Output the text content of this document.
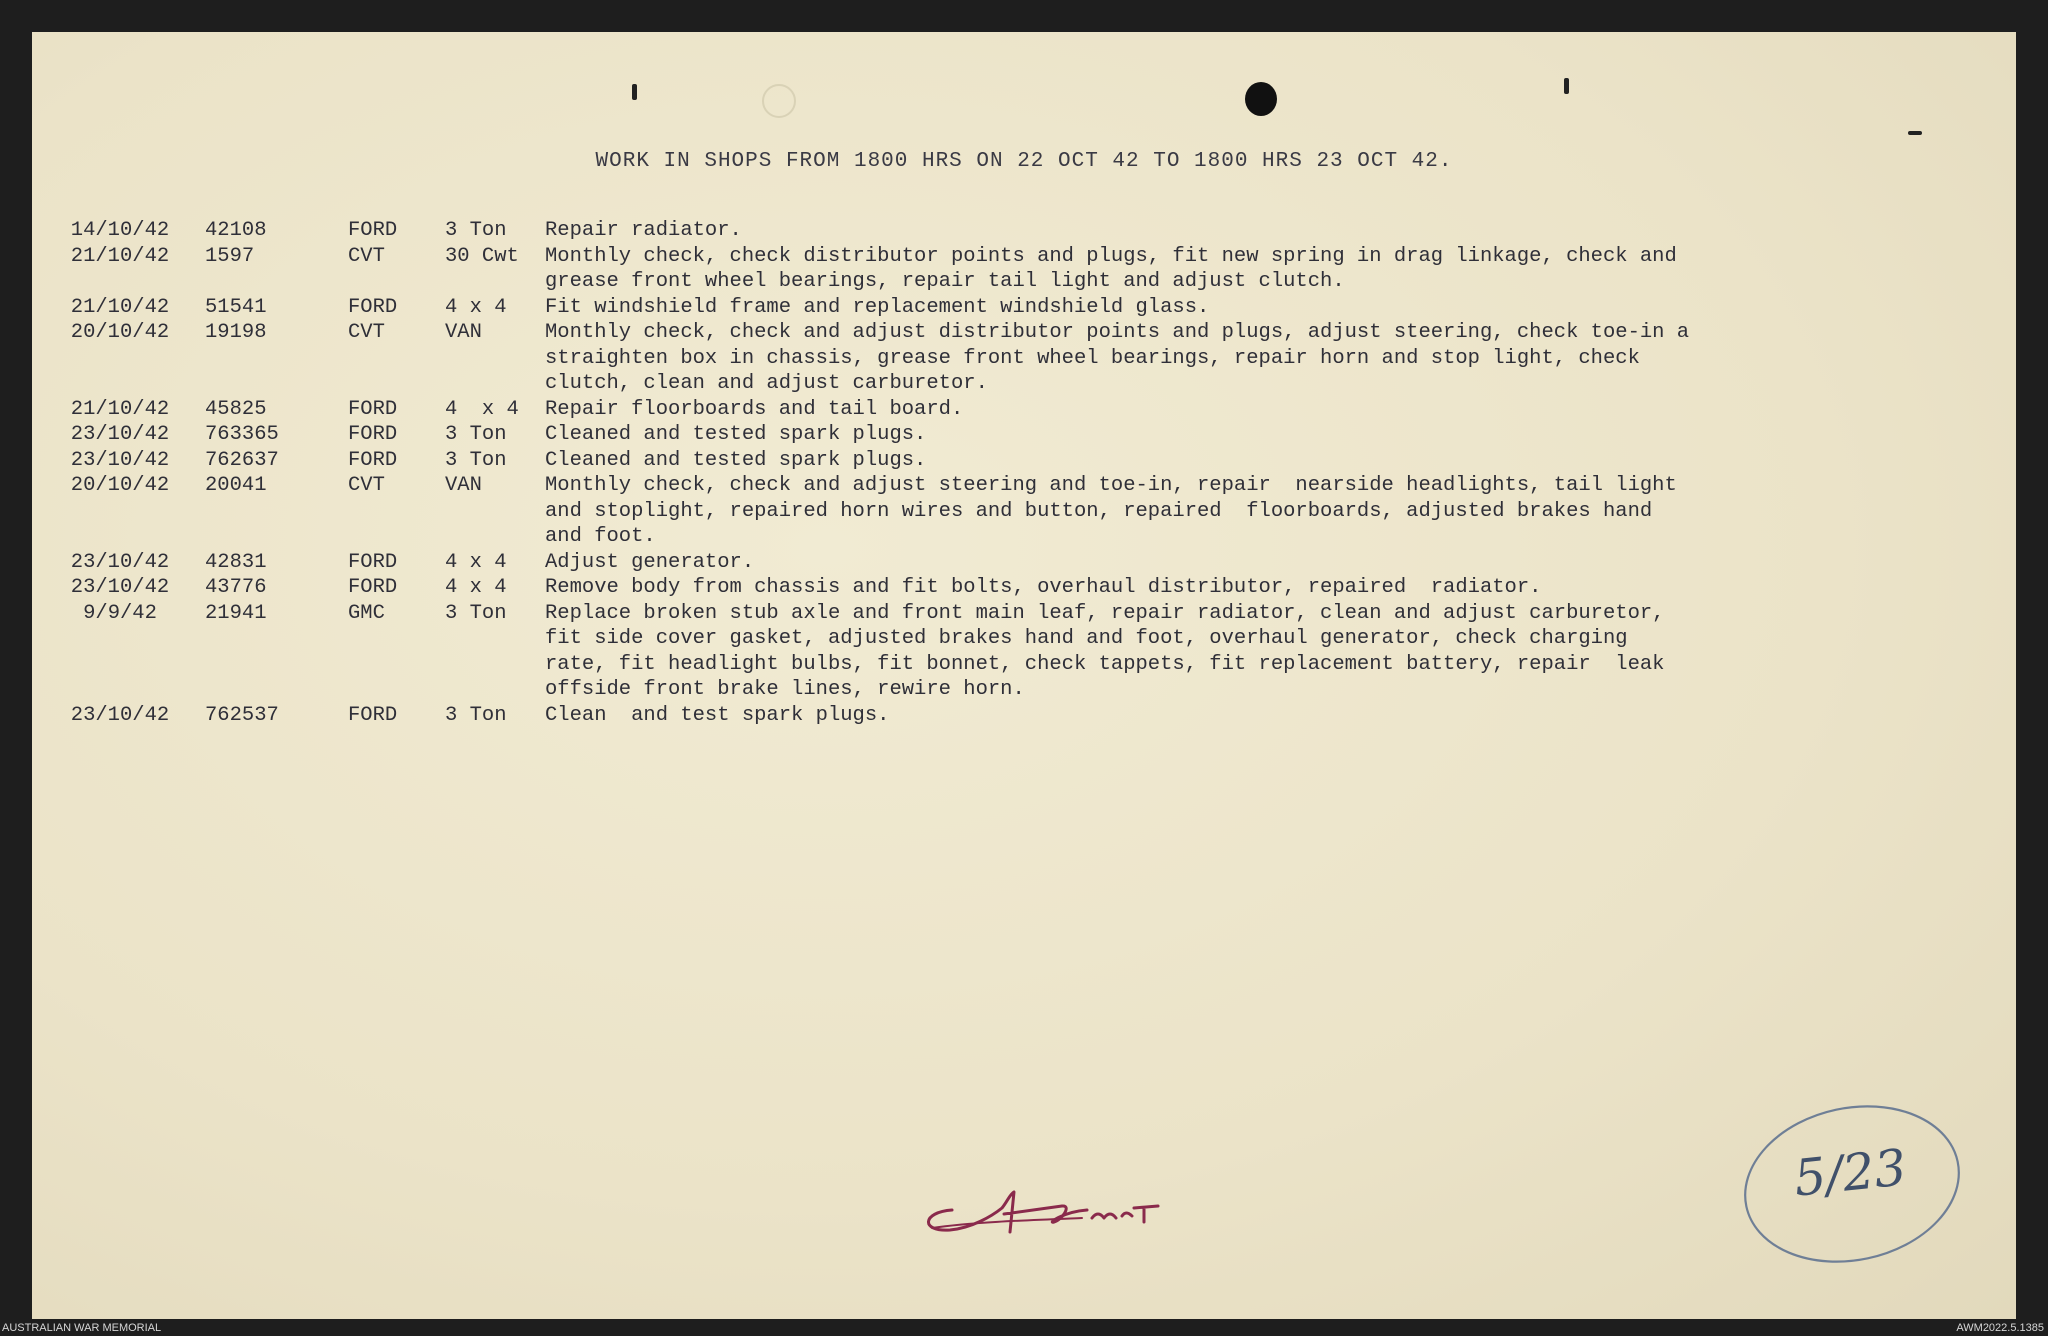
WORK IN SHOPS FROM 1800 HRS ON 22 OCT 42 TO 1800 HRS 23 OCT 42.
14/10/42	42108	FORD	3 Ton	Repair radiator.
21/10/42	1597	CVT	30 Cwt	Monthly check, check distributor points and plugs, fit new spring in drag linkage, check and
grease front wheel bearings, repair tail light and adjust clutch.
21/10/42	51541	FORD	4 x 4	Fit windshield frame and replacement windshield glass.
20/10/42	19198	CVT	VAN	Monthly check, check and adjust distributor points and plugs, adjust steering, check toe-in a
straighten box in chassis, grease front wheel bearings, repair horn and stop light, check
clutch, clean and adjust carburetor.
21/10/42	45825	FORD	4  x 4	Repair floorboards and tail board.
23/10/42	763365	FORD	3 Ton	Cleaned and tested spark plugs.
23/10/42	762637	FORD	3 Ton	Cleaned and tested spark plugs.
20/10/42	20041	CVT	VAN	Monthly check, check and adjust steering and toe-in, repair  nearside headlights, tail light
and stoplight, repaired horn wires and button, repaired  floorboards, adjusted brakes hand
and foot.
23/10/42	42831	FORD	4 x 4	Adjust generator.
23/10/42	43776	FORD	4 x 4	Remove body from chassis and fit bolts, overhaul distributor, repaired  radiator.
9/9/42	21941	GMC	3 Ton	Replace broken stub axle and front main leaf, repair radiator, clean and adjust carburetor,
fit side cover gasket, adjusted brakes hand and foot, overhaul generator, check charging
rate, fit headlight bulbs, fit bonnet, check tappets, fit replacement battery, repair  leak
offside front brake lines, rewire horn.
23/10/42	762537	FORD	3 Ton	Clean  and test spark plugs.
5/23
AUSTRALIAN WAR MEMORIAL	AWM2022.5.1385
